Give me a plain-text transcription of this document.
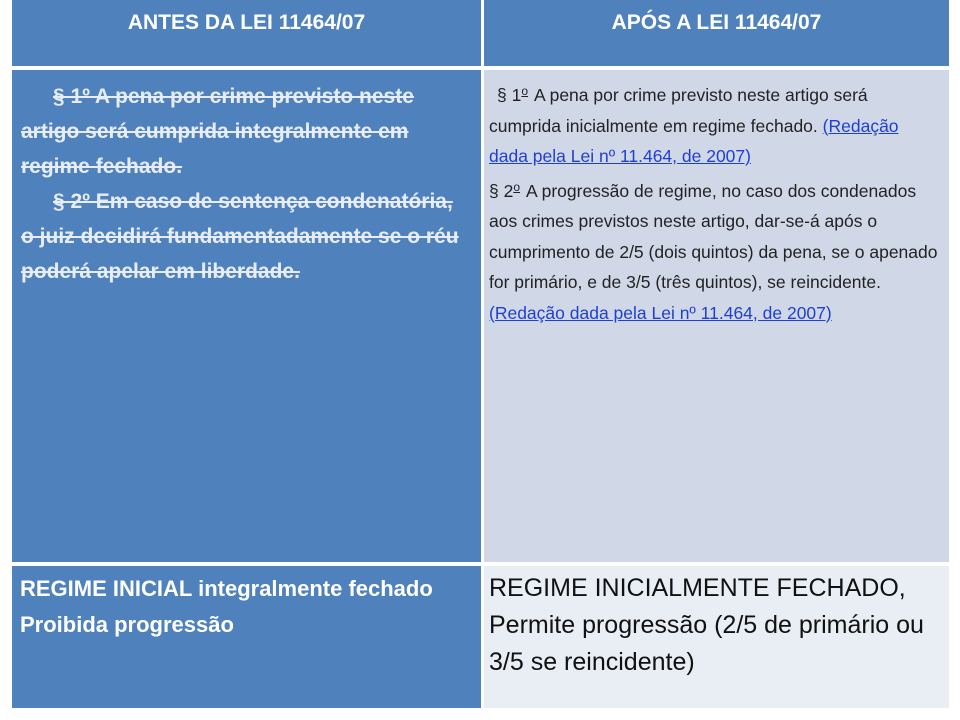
ANTES DA LEI 11464/07	APÓS A LEI 11464/07

§ 1º A pena por crime previsto neste artigo será cumprida integralmente em regime fechado.

§ 2º Em caso de sentença condenatória, o juiz decidirá fundamentadamente se o réu poderá apelar em liberdade.

§ 1$^o$ A pena por crime previsto neste artigo será cumprida inicialmente em regime fechado. (Redação dada pela Lei nº 11.464, de 2007)

§ 2$^o$ A progressão de regime, no caso dos condenados aos crimes previstos neste artigo, dar-se-á após o cumprimento de 2/5 (dois quintos) da pena, se o apenado for primário, e de 3/5 (três quintos), se reincidente. (Redação dada pela Lei nº 11.464, de 2007)

REGIME INICIAL integralmente fechado
Proibida progressão
REGIME INICIALMENTE FECHADO,
Permite progressão (2/5 de primário ou 3/5 se reincidente)
